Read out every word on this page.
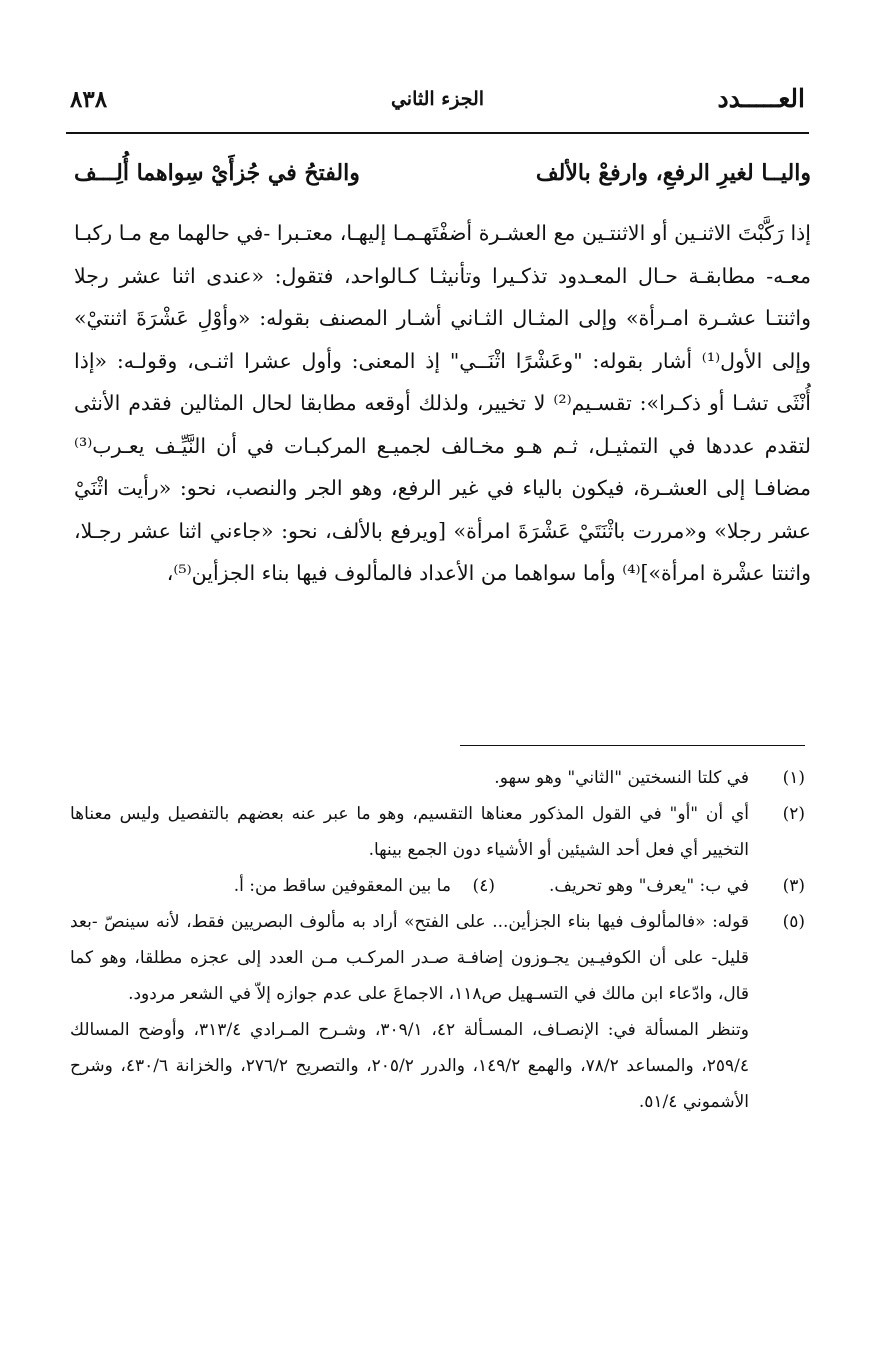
العـــــدد
الجزء الثاني
٨٣٨
واليــا لغيرِ الرفعِ، وارفعْ بالألف
والفتحُ في جُزأَيْ سِواهما أُلِـــف

إذا رَكَّبْتَ الاثنـين أو الاثنتـين مع العشـرة أضفْتَهـمـا إليهـا، معتـبرا -في حالهما مع مـا ركبـا معـه- مطابقـة حـال المعـدود تذكـيرا وتأنيثـا كـالواحد، فتقول: «عندى اثنا عشر رجلا واثنتـا عشـرة امـرأة» وإلى المثـال الثـاني أشـار المصنف بقوله: «وأوْلِ عَشْرَةَ اثنتيْ» وإلى الأول⁽¹⁾ أشار بقوله: "وعَشْرًا اثْنَــي" إذ المعنى: وأول عشرا اثنـى، وقولـه: «إذا أُنْثَى تشـا أو ذكـرا»: تقسـيم⁽²⁾ لا تخيير، ولذلك أوقعه مطابقا لحال المثالين فقدم الأنثى لتقدم عددها في التمثيـل، ثـم هـو مخـالف لجميـع المركبـات في أن النَّيِّـف يعـرب⁽³⁾ مضافـا إلى العشـرة، فيكون بالياء في غير الرفع، وهو الجر والنصب، نحو: «رأيت اثْنَيْ عشر رجلا» و«مررت باثْنَتَيْ عَشْرَةَ امرأة» [ويرفع بالألف، نحو: «جاءني اثنا عشر رجـلا، واثنتا عشْرة امرأة»]⁽⁴⁾ وأما سواهما من الأعداد فالمألوف فيها بناء الجزأين⁽⁵⁾،

(١)
في كلتا النسختين "الثاني" وهو سهو.

(٢)
أي أن "أو" في القول المذكور معناها التقسيم، وهو ما عبر عنه بعضهم بالتفصيل وليس معناها التخيير أي فعل أحد الشيئين أو الأشياء دون الجمع بينها.

(٣)
في ب: "يعرف" وهو تحريف.          (٤)    ما بين المعقوفين ساقط من: أ.

(٥)
قوله: «فالمألوف فيها بناء الجزأين... على الفتح» أراد به مألوف البصريين فقط، لأنه سينصّ -بعد قليل- على أن الكوفيـين يجـوزون إضافـة صـدر المركـب مـن العدد إلى عجزه مطلقا، وهو كما قال، وادّعاء ابن مالك في التسـهيل ص١١٨، الاجماعَ على عدم جوازه إلاّ في الشعر مردود.

وتنظر المسألة في: الإنصـاف، المسـألة ٤٢، ٣٠٩/١، وشـرح المـرادي ٣١٣/٤، وأوضح المسالك ٢٥٩/٤، والمساعد ٧٨/٢، والهمع ١٤٩/٢، والدرر ٢٠٥/٢، والتصريح ٢٧٦/٢، والخزانة ٤٣٠/٦، وشرح الأشموني ٥١/٤.
